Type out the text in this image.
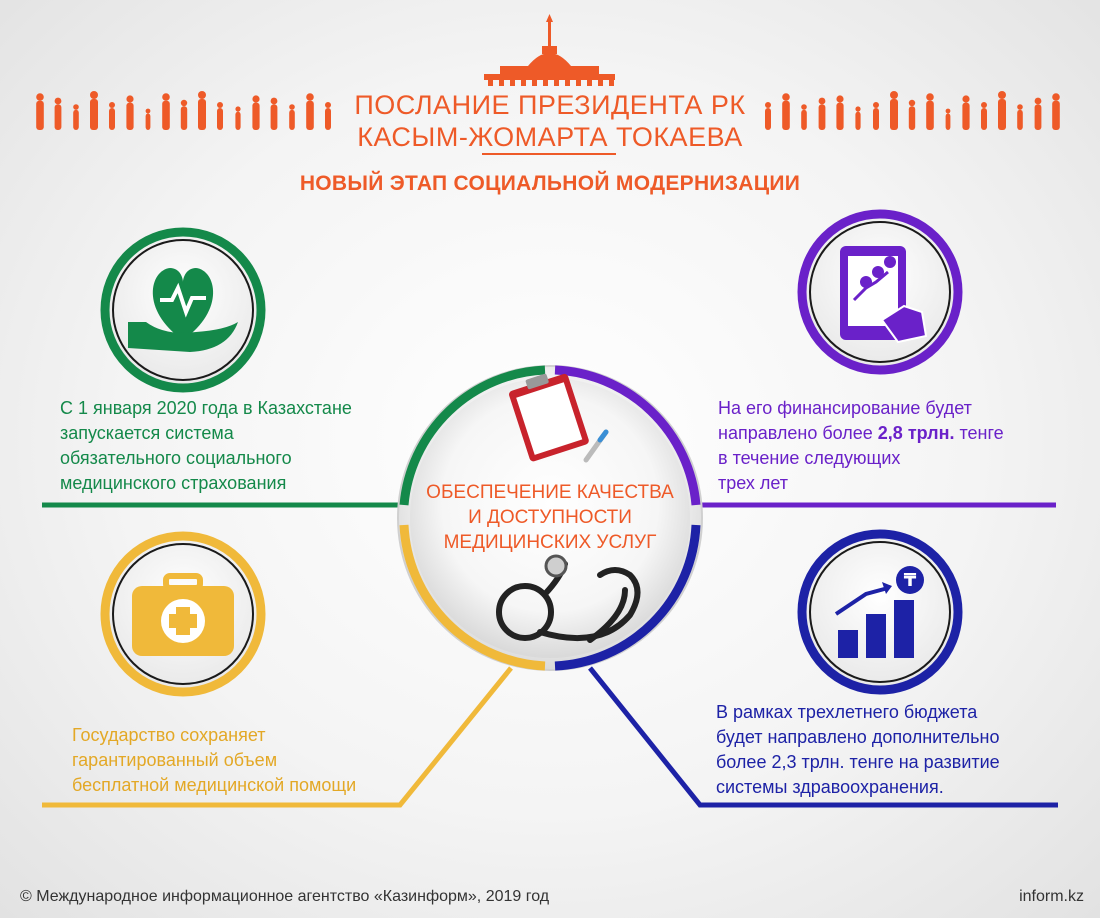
ПОСЛАНИЕ ПРЕЗИДЕНТА РК
КАСЫМ-ЖОМАРТА ТОКАЕВА
НОВЫЙ ЭТАП СОЦИАЛЬНОЙ МОДЕРНИЗАЦИИ
₸
ОБЕСПЕЧЕНИЕ КАЧЕСТВА
И ДОСТУПНОСТИ
МЕДИЦИНСКИХ УСЛУГ
С 1 января 2020 года в Казахстане
запускается система
обязательного социального
медицинского страхования
На его финансирование будет
направлено более 2,8 трлн. тенге
в течение следующих
трех лет
Государство сохраняет
гарантированный объем
бесплатной медицинской помощи
В рамках трехлетнего бюджета
будет направлено дополнительно
более 2,3 трлн. тенге на развитие
системы здравоохранения.
© Международное информационное агентство «Казинформ», 2019 год	inform.kz
